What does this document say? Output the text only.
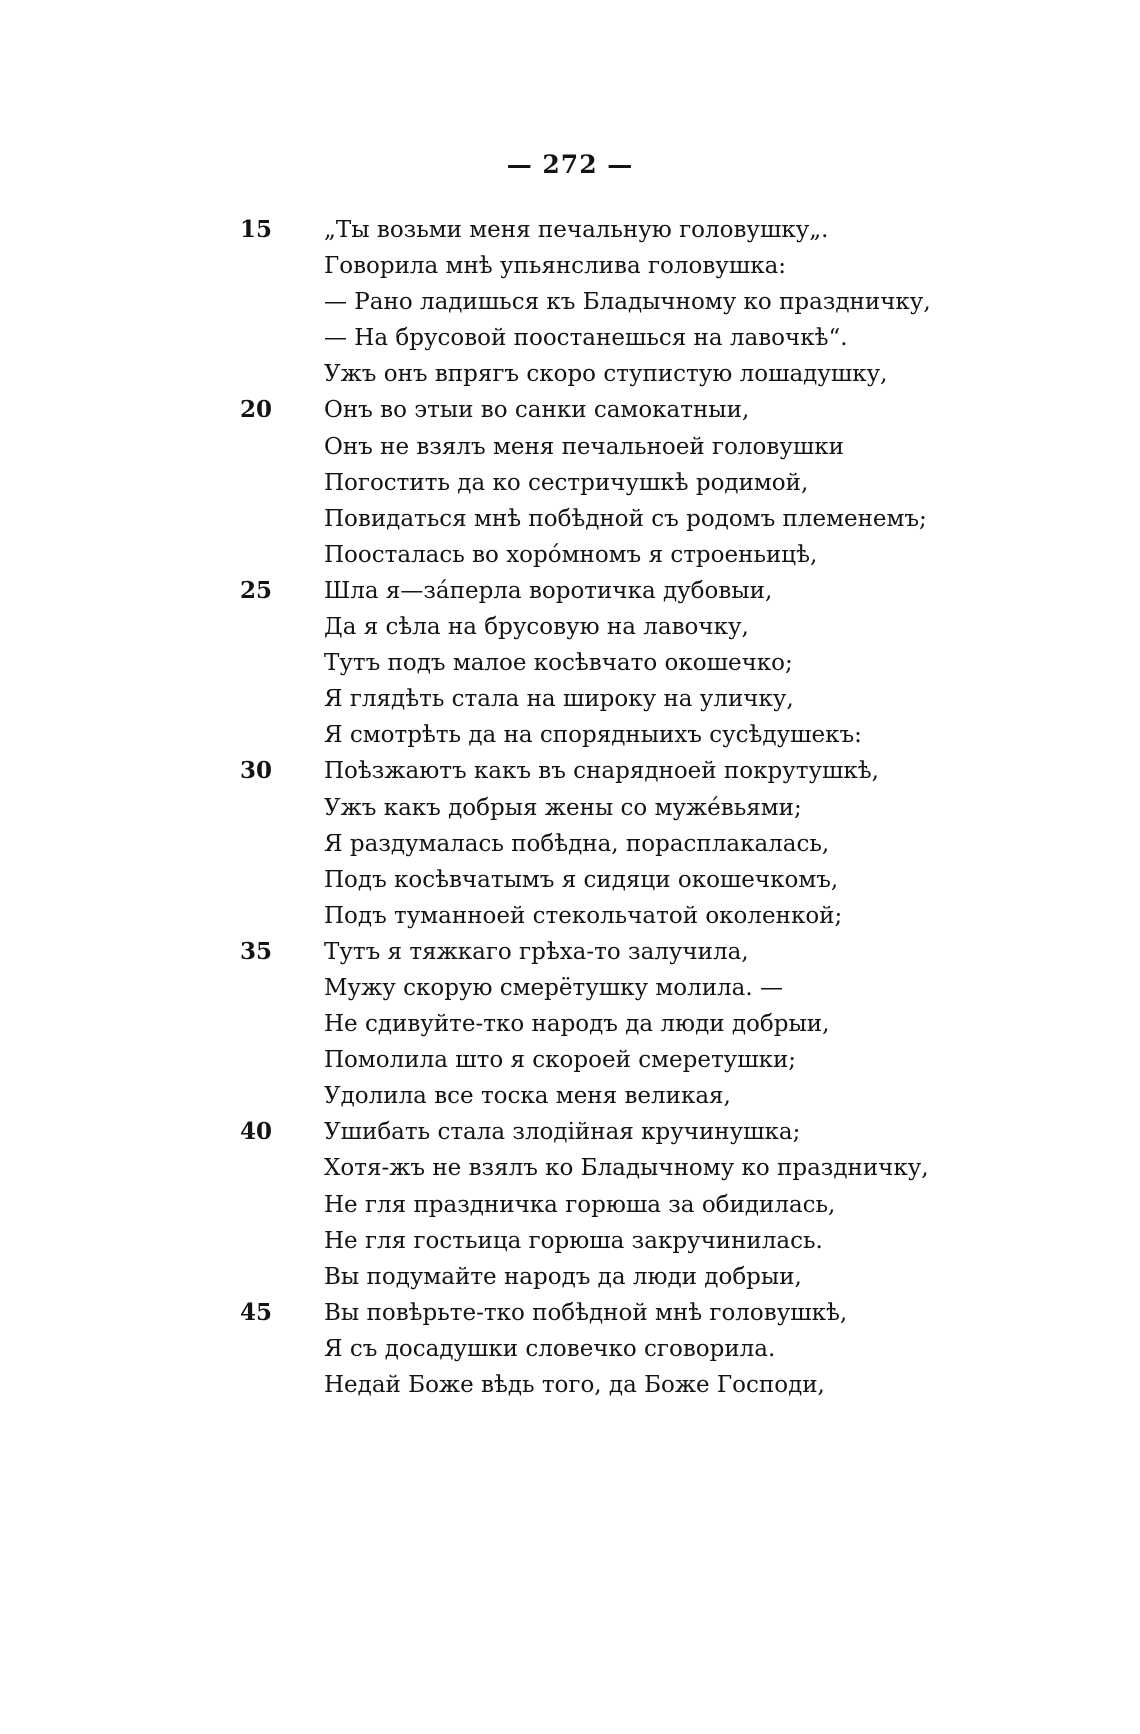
— 272 —
15	„Ты возьми меня печальную головушку„.
Говорила мнѣ упьянслива головушка:
— Рано ладишься къ Бладычному ко праздничку,
— На брусовой поостанешься на лавочкѣ“.
Ужъ онъ впрягъ скоро ступистую лошадушку,
20	Онъ во этыи во санки самокатныи,
Онъ не взялъ меня печальноей головушки
Погостить да ко сестричушкѣ родимой,
Повидаться мнѣ побѣдной съ родомъ племенемъ;
Поосталась во хоро́мномъ я строеньицѣ,
25	Шла я—за́перла воротичка дубовыи,
Да я сѣла на брусовую на лавочку,
Тутъ подъ малое косѣвчато окошечко;
Я глядѣть стала на широку на уличку,
Я смотрѣть да на спорядныихъ сусѣдушекъ:
30	Поѣзжаютъ какъ въ снарядноей покрутушкѣ,
Ужъ какъ добрыя жены со муже́вьями;
Я раздумалась побѣдна, порасплакалась,
Подъ косѣвчатымъ я сидяци окошечкомъ,
Подъ туманноей стекольчатой околенкой;
35	Тутъ я тяжкаго грѣха-то залучила,
Мужу скорую смерётушку молила. —
Не сдивуйте-тко народъ да люди добрыи,
Помолила што я скороей смеретушки;
Удолила все тоска меня великая,
40	Ушибать стала злодiйная кручинушка;
Хотя-жъ не взялъ ко Бладычному ко праздничку,
Не гля праздничка горюша за обидилась,
Не гля гостьица горюша закручинилась.
Вы подумайте народъ да люди добрыи,
45	Вы повѣрьте-тко побѣдной мнѣ головушкѣ,
Я съ досадушки словечко сговорила.
Недай Боже вѣдь того, да Боже Господи,
